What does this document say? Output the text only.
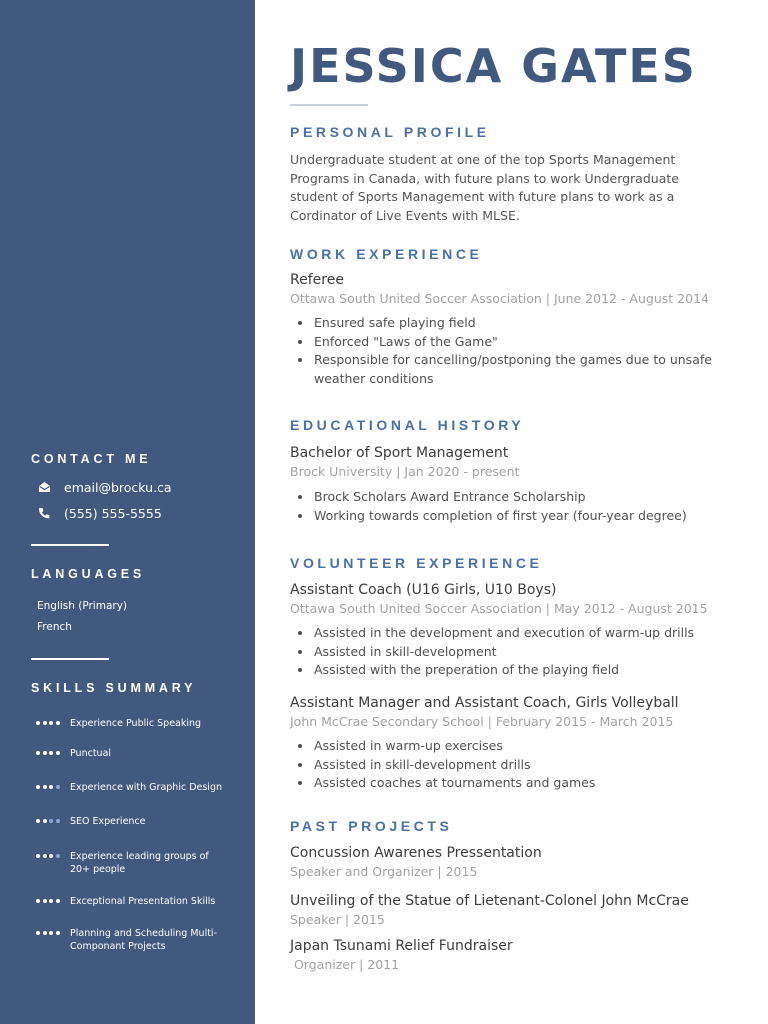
CONTACT ME
email@brocku.ca
(555) 555-5555
LANGUAGES
English (Primary)
French
SKILLS SUMMARY
Experience Public Speaking
Punctual
Experience with Graphic Design
SEO Experience
Experience leading groups of 20+ people
Exceptional Presentation Skills
Planning and Scheduling Multi-Componant Projects
JESSICA GATES
PERSONAL PROFILE
Undergraduate student at one of the top Sports Management Programs in Canada, with future plans to work Undergraduate student of Sports Management with future plans to work as a Cordinator of Live Events with MLSE.
WORK EXPERIENCE
Referee
Ottawa South United Soccer Association | June 2012 - August 2014
Ensured safe playing field
Enforced "Laws of the Game"
Responsible for cancelling/postponing the games due to unsafe weather conditions
EDUCATIONAL HISTORY
Bachelor of Sport Management
Brock University | Jan 2020 - present
Brock Scholars Award Entrance Scholarship
Working towards completion of first year (four-year degree)
VOLUNTEER EXPERIENCE
Assistant Coach (U16 Girls, U10 Boys)
Ottawa South United Soccer Association | May 2012 - August 2015
Assisted in the development and execution of warm-up drills
Assisted in skill-development
Assisted with the preperation of the playing field
Assistant Manager and Assistant Coach, Girls Volleyball
John McCrae Secondary School | February 2015 - March 2015
Assisted in warm-up exercises
Assisted in skill-development drills
Assisted coaches at tournaments and games
PAST PROJECTS
Concussion Awarenes Pressentation
Speaker and Organizer | 2015
Unveiling of the Statue of Lietenant-Colonel John McCrae
Speaker | 2015
Japan Tsunami Relief Fundraiser
Organizer | 2011
